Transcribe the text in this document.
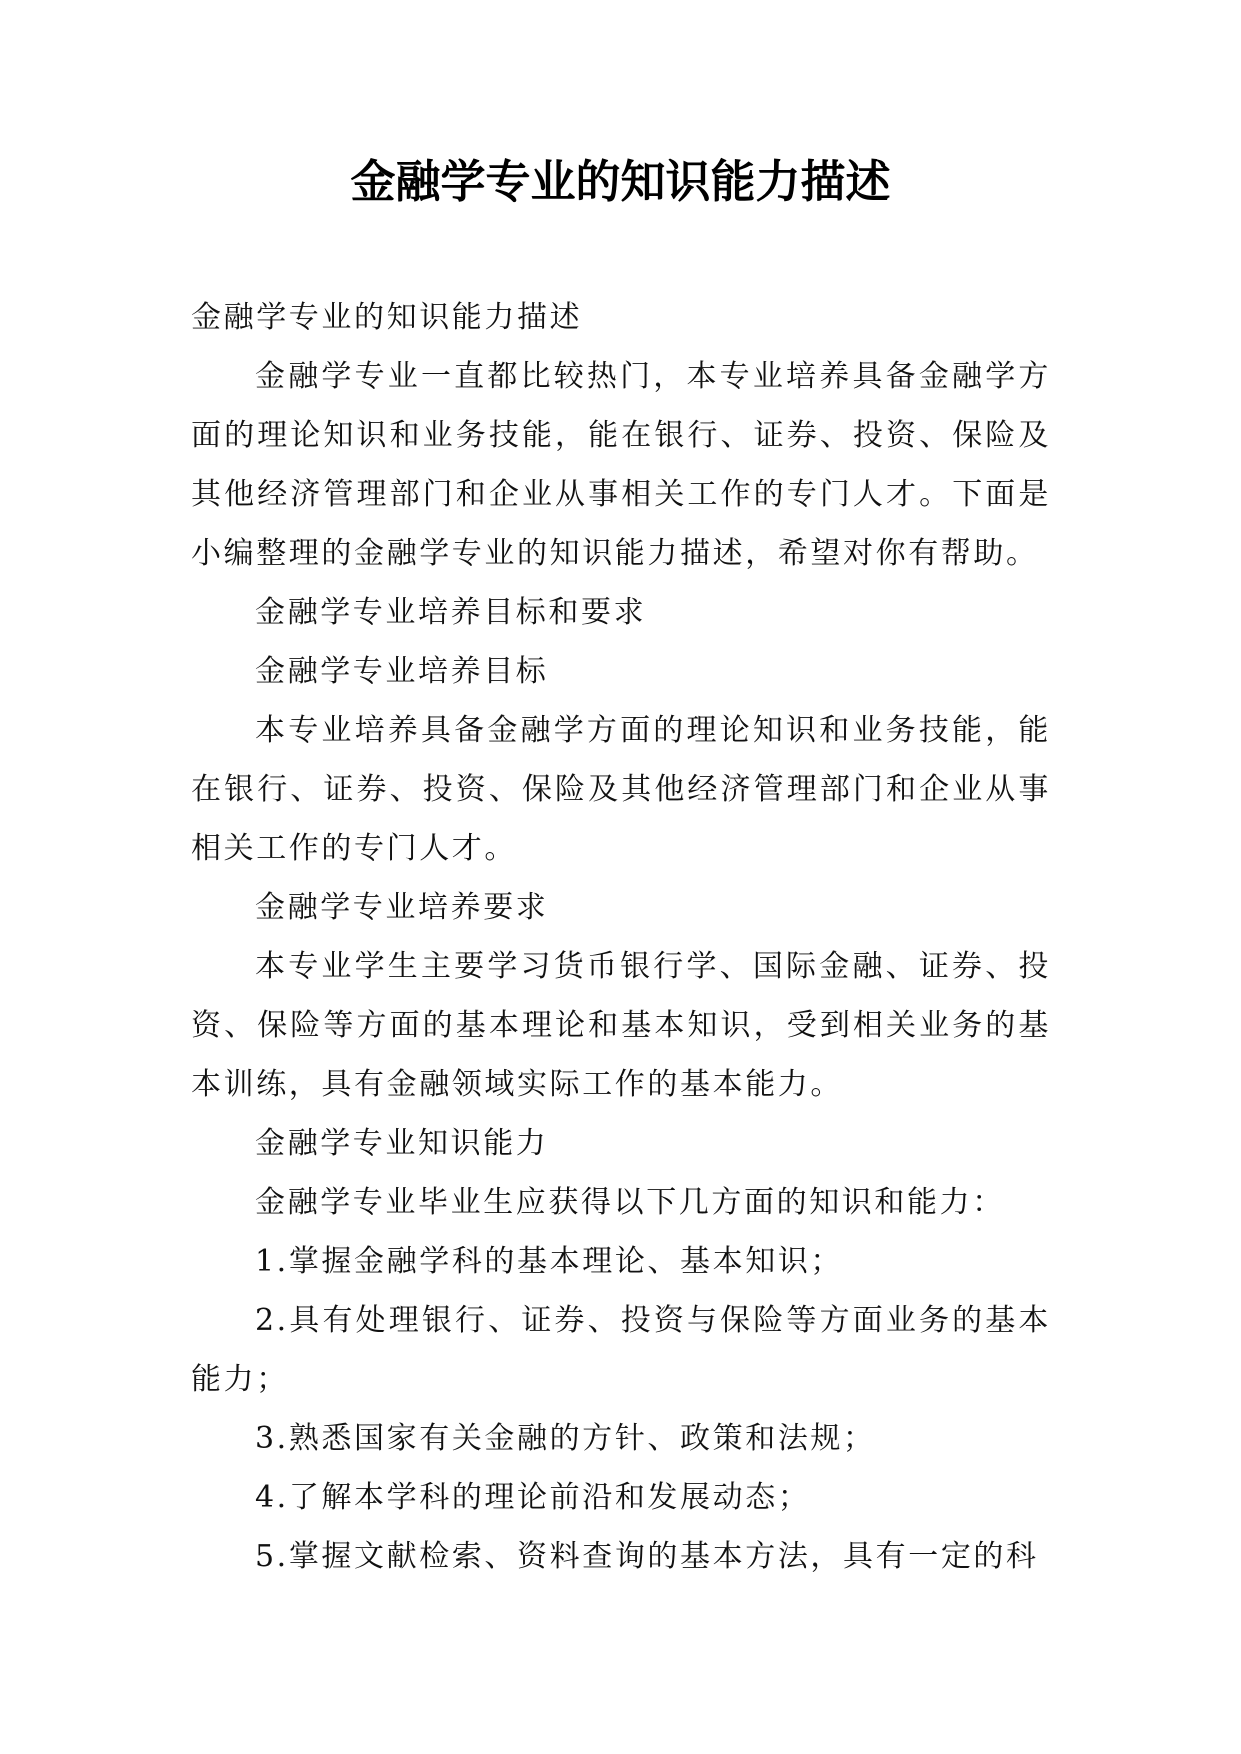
金融学专业的知识能力描述

金融学专业的知识能力描述

金融学专业一直都比较热门，本专业培养具备金融学方面的理论知识和业务技能，能在银行、证券、投资、保险及其他经济管理部门和企业从事相关工作的专门人才。下面是小编整理的金融学专业的知识能力描述，希望对你有帮助。

金融学专业培养目标和要求

金融学专业培养目标

本专业培养具备金融学方面的理论知识和业务技能，能在银行、证券、投资、保险及其他经济管理部门和企业从事相关工作的专门人才。

金融学专业培养要求

本专业学生主要学习货币银行学、国际金融、证券、投资、保险等方面的基本理论和基本知识，受到相关业务的基本训练，具有金融领域实际工作的基本能力。

金融学专业知识能力

金融学专业毕业生应获得以下几方面的知识和能力：

1.掌握金融学科的基本理论、基本知识；

2.具有处理银行、证券、投资与保险等方面业务的基本能力；

3.熟悉国家有关金融的方针、政策和法规；

4.了解本学科的理论前沿和发展动态；

5.掌握文献检索、资料查询的基本方法，具有一定的科
